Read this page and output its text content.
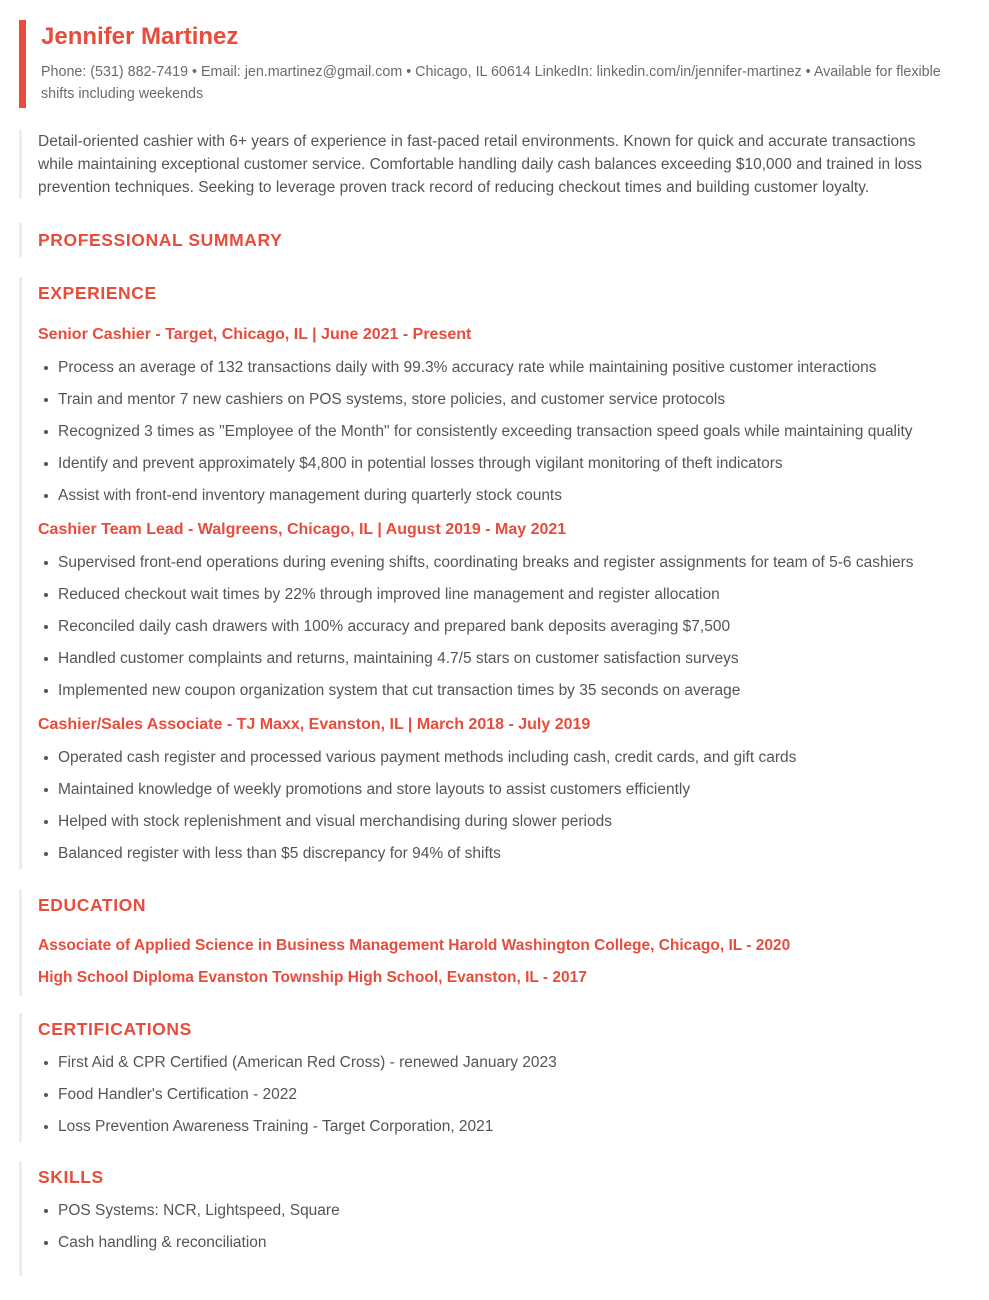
Jennifer Martinez

Phone: (531) 882-7419 • Email: jen.martinez@gmail.com • Chicago, IL 60614 LinkedIn: linkedin.com/in/jennifer-martinez • Available for flexible shifts including weekends

Detail-oriented cashier with 6+ years of experience in fast-paced retail environments. Known for quick and accurate transactions while maintaining exceptional customer service. Comfortable handling daily cash balances exceeding $10,000 and trained in loss prevention techniques. Seeking to leverage proven track record of reducing checkout times and building customer loyalty.

PROFESSIONAL SUMMARY
EXPERIENCE
Senior Cashier - Target, Chicago, IL | June 2021 - Present
Process an average of 132 transactions daily with 99.3% accuracy rate while maintaining positive customer interactions
Train and mentor 7 new cashiers on POS systems, store policies, and customer service protocols
Recognized 3 times as "Employee of the Month" for consistently exceeding transaction speed goals while maintaining quality
Identify and prevent approximately $4,800 in potential losses through vigilant monitoring of theft indicators
Assist with front-end inventory management during quarterly stock counts
Cashier Team Lead - Walgreens, Chicago, IL | August 2019 - May 2021
Supervised front-end operations during evening shifts, coordinating breaks and register assignments for team of 5-6 cashiers
Reduced checkout wait times by 22% through improved line management and register allocation
Reconciled daily cash drawers with 100% accuracy and prepared bank deposits averaging $7,500
Handled customer complaints and returns, maintaining 4.7/5 stars on customer satisfaction surveys
Implemented new coupon organization system that cut transaction times by 35 seconds on average
Cashier/Sales Associate - TJ Maxx, Evanston, IL | March 2018 - July 2019
Operated cash register and processed various payment methods including cash, credit cards, and gift cards
Maintained knowledge of weekly promotions and store layouts to assist customers efficiently
Helped with stock replenishment and visual merchandising during slower periods
Balanced register with less than $5 discrepancy for 94% of shifts
EDUCATION

Associate of Applied Science in Business Management Harold Washington College, Chicago, IL - 2020

High School Diploma Evanston Township High School, Evanston, IL - 2017

CERTIFICATIONS
First Aid & CPR Certified (American Red Cross) - renewed January 2023
Food Handler's Certification - 2022
Loss Prevention Awareness Training - Target Corporation, 2021
SKILLS
POS Systems: NCR, Lightspeed, Square
Cash handling & reconciliation
